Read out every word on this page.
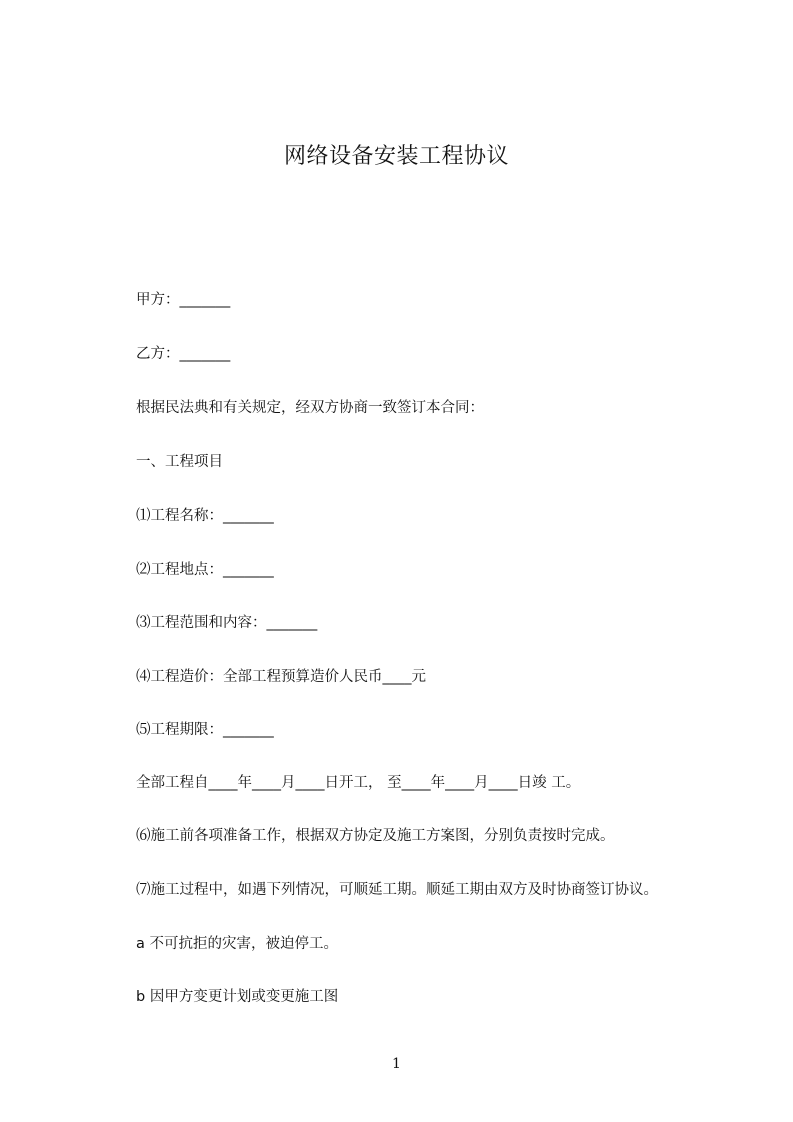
网络设备安装工程协议

甲方：_______

乙方：_______

根据民法典和有关规定，经双方协商一致签订本合同：

一、工程项目

⑴工程名称：_______

⑵工程地点：_______

⑶工程范围和内容：_______

⑷工程造价：全部工程预算造价人民币____元

⑸工程期限：_______

全部工程自____年____月____日开工， 至____年____月____日竣 工。

⑹施工前各项准备工作，根据双方协定及施工方案图，分别负责按时完成。

⑺施工过程中，如遇下列情况，可顺延工期。顺延工期由双方及时协商签订协议。

a 不可抗拒的灾害，被迫停工。

b 因甲方变更计划或变更施工图

1
